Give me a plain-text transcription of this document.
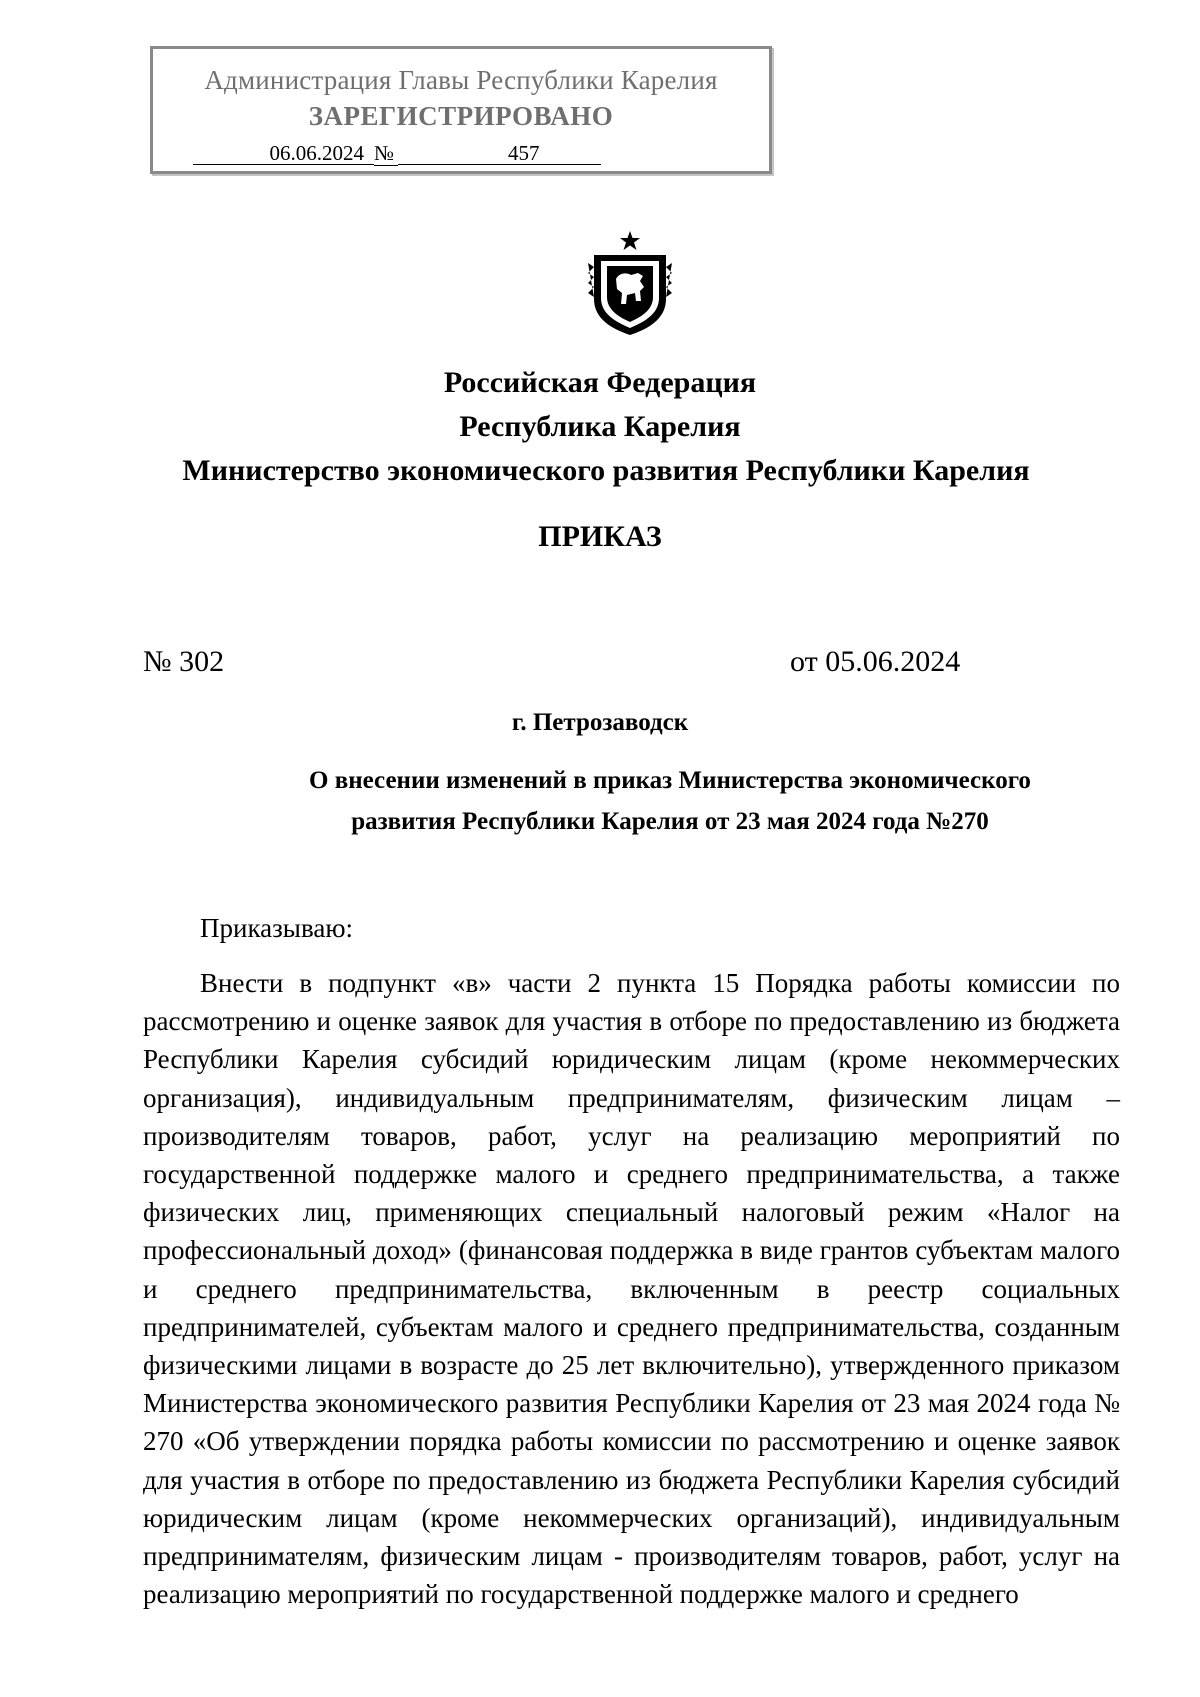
Администрация Главы Республики Карелия
ЗАРЕГИСТРИРОВАНО
06.06.2024 №	457
Российская Федерация
Республика Карелия
Министерство экономического развития Республики Карелия
ПРИКАЗ
№ 302	от 05.06.2024
г. Петрозаводск
О внесении изменений в приказ Министерства экономического
развития Республики Карелия от 23 мая 2024 года №270
Приказываю:
Внести в подпункт «в» части 2 пункта 15 Порядка работы комиссии по рассмотрению и оценке заявок для участия в отборе по предоставлению из бюджета Республики Карелия субсидий юридическим лицам (кроме некоммерческих организация), индивидуальным предпринимателям, физическим лицам – производителям товаров, работ, услуг на реализацию мероприятий по государственной поддержке малого и среднего предпринимательства, а также физических лиц, применяющих специальный налоговый режим «Налог на профессиональный доход» (финансовая поддержка в виде грантов субъектам малого и среднего предпринимательства, включенным в реестр социальных предпринимателей, субъектам малого и среднего предпринимательства, созданным физическими лицами в возрасте до 25 лет включительно), утвержденного приказом Министерства экономического развития Республики Карелия от 23 мая 2024 года № 270 «Об утверждении порядка работы комиссии по рассмотрению и оценке заявок для участия в отборе по предоставлению из бюджета Республики Карелия субсидий юридическим лицам (кроме некоммерческих организаций), индивидуальным предпринимателям, физическим лицам - производителям товаров, работ, услуг на реализацию мероприятий по государственной поддержке малого и среднего
